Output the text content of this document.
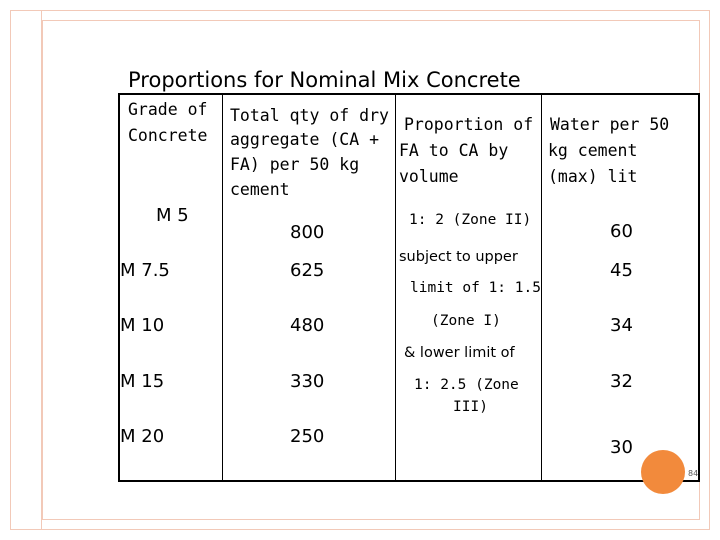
Proportions for Nominal Mix Concrete
Grade of
Concrete
Total qty of dry
aggregate (CA +
FA) per 50 kg
cement
Proportion of
FA to CA by
volume
Water per 50
kg cement
(max) lit
M 5
M 7.5
M 10
M 15
M 20
800
625
480
330
250
1: 2 (Zone II)
subject to upper
limit of 1: 1.5
(Zone I)
& lower limit of
1: 2.5 (Zone
III)
60
45
34
32
30
84
